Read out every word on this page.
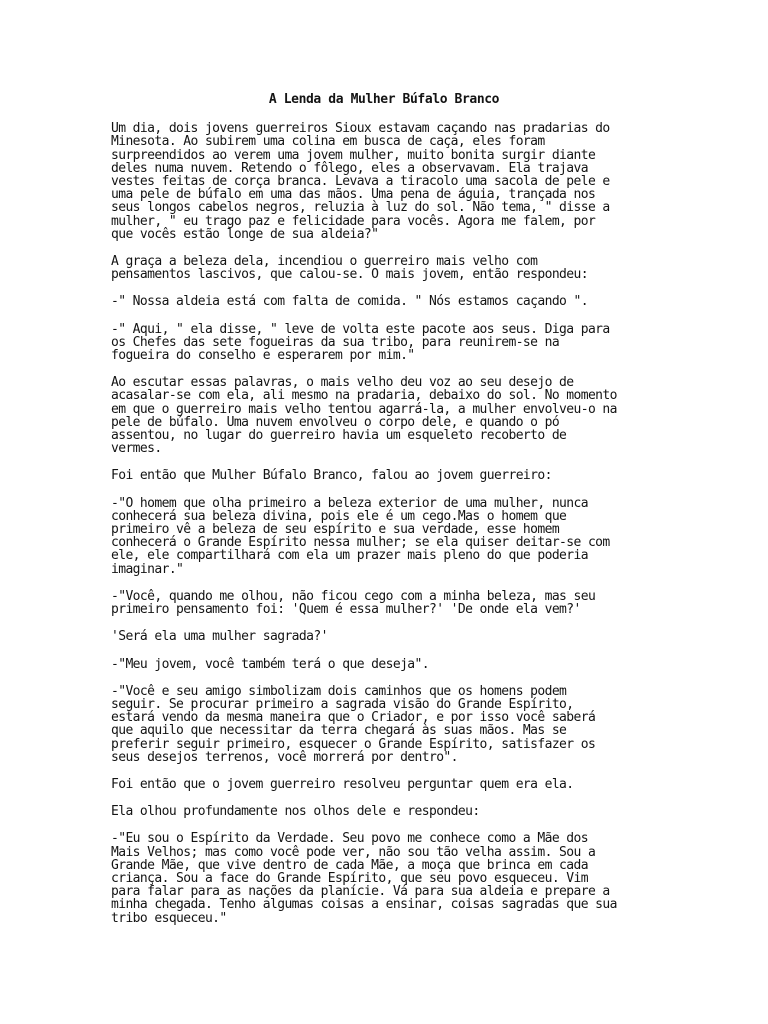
A Lenda da Mulher Búfalo Branco
Um dia, dois jovens guerreiros Sioux estavam caçando nas pradarias do
Minesota. Ao subirem uma colina em busca de caça, eles foram
surpreendidos ao verem uma jovem mulher, muito bonita surgir diante
deles numa nuvem. Retendo o fôlego, eles a observavam. Ela trajava
vestes feitas de corça branca. Levava a tiracolo uma sacola de pele e
uma pele de búfalo em uma das mãos. Uma pena de águia, trançada nos
seus longos cabelos negros, reluzia à luz do sol. Não tema, " disse a
mulher, " eu trago paz e felicidade para vocês. Agora me falem, por
que vocês estão longe de sua aldeia?"
A graça a beleza dela, incendiou o guerreiro mais velho com
pensamentos lascivos, que calou-se. O mais jovem, então respondeu:
-" Nossa aldeia está com falta de comida. " Nós estamos caçando ".
-" Aqui, " ela disse, " leve de volta este pacote aos seus. Diga para
os Chefes das sete fogueiras da sua tribo, para reunirem-se na
fogueira do conselho e esperarem por mim."
Ao escutar essas palavras, o mais velho deu voz ao seu desejo de
acasalar-se com ela, ali mesmo na pradaria, debaixo do sol. No momento
em que o guerreiro mais velho tentou agarrá-la, a mulher envolveu-o na
pele de búfalo. Uma nuvem envolveu o corpo dele, e quando o pó
assentou, no lugar do guerreiro havia um esqueleto recoberto de
vermes.
Foi então que Mulher Búfalo Branco, falou ao jovem guerreiro:
-"O homem que olha primeiro a beleza exterior de uma mulher, nunca
conhecerá sua beleza divina, pois ele é um cego.Mas o homem que
primeiro vê a beleza de seu espírito e sua verdade, esse homem
conhecerá o Grande Espírito nessa mulher; se ela quiser deitar-se com
ele, ele compartilhará com ela um prazer mais pleno do que poderia
imaginar."
-"Você, quando me olhou, não ficou cego com a minha beleza, mas seu
primeiro pensamento foi: 'Quem é essa mulher?' 'De onde ela vem?'
'Será ela uma mulher sagrada?'
-"Meu jovem, você também terá o que deseja".
-"Você e seu amigo simbolizam dois caminhos que os homens podem
seguir. Se procurar primeiro a sagrada visão do Grande Espírito,
estará vendo da mesma maneira que o Criador, e por isso você saberá
que aquilo que necessitar da terra chegará às suas mãos. Mas se
preferir seguir primeiro, esquecer o Grande Espírito, satisfazer os
seus desejos terrenos, você morrerá por dentro".
Foi então que o jovem guerreiro resolveu perguntar quem era ela.
Ela olhou profundamente nos olhos dele e respondeu:
-"Eu sou o Espírito da Verdade. Seu povo me conhece como a Mãe dos
Mais Velhos; mas como você pode ver, não sou tão velha assim. Sou a
Grande Mãe, que vive dentro de cada Mãe, a moça que brinca em cada
criança. Sou a face do Grande Espírito, que seu povo esqueceu. Vim
para falar para as nações da planície. Vá para sua aldeia e prepare a
minha chegada. Tenho algumas coisas a ensinar, coisas sagradas que sua
tribo esqueceu."
